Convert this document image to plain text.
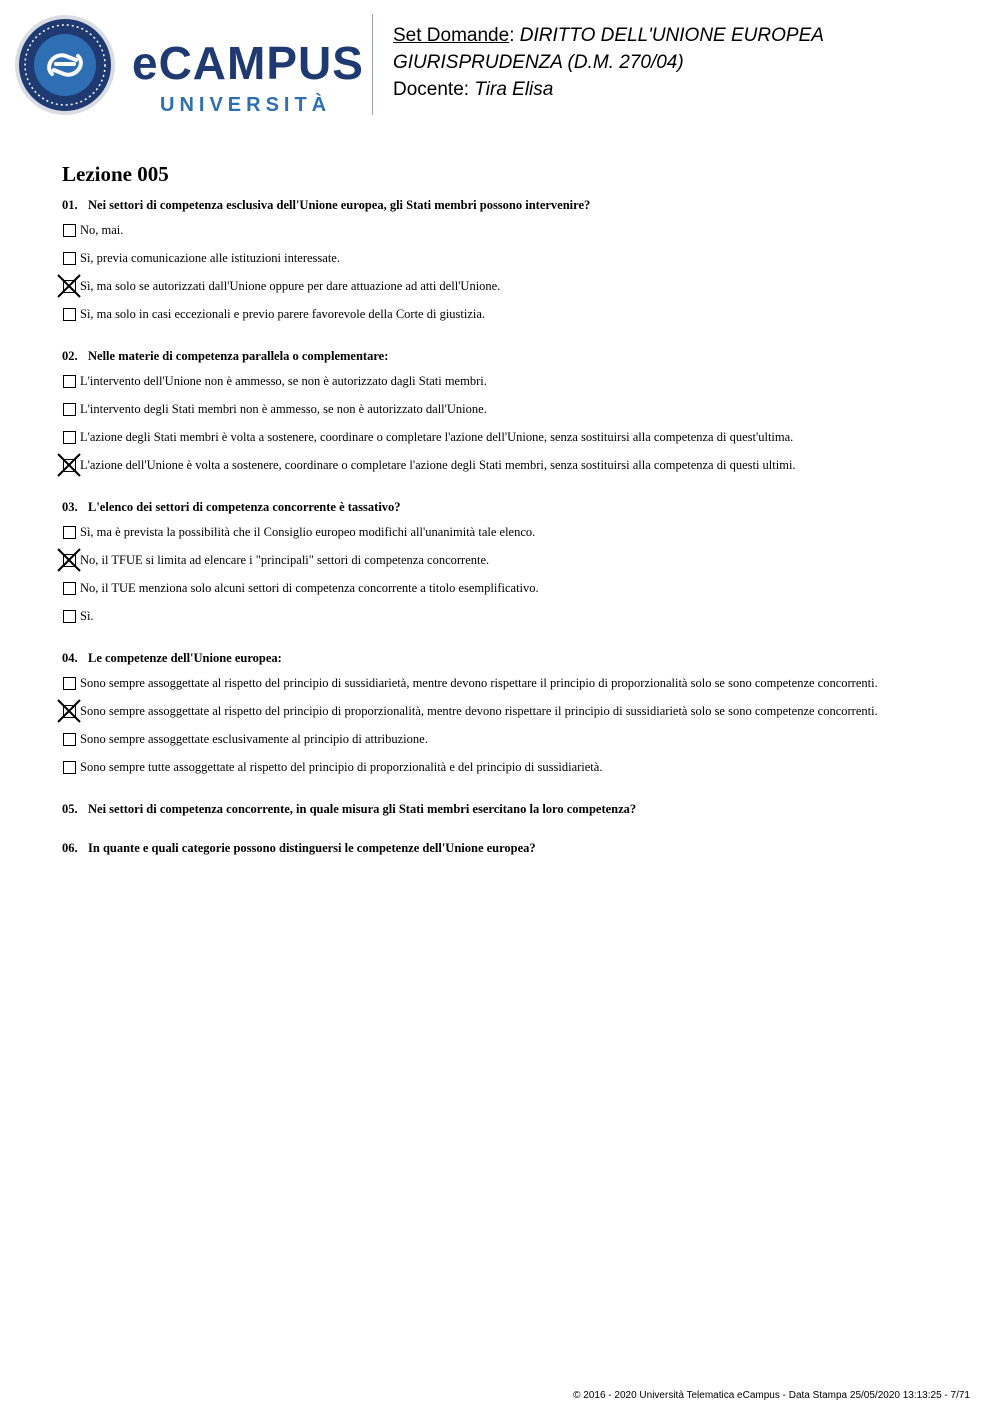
eCAMPUS
UNIVERSITÀ
Set Domande: DIRITTO DELL'UNIONE EUROPEA
GIURISPRUDENZA (D.M. 270/04)
Docente: Tira Elisa
Lezione 005
01. Nei settori di competenza esclusiva dell'Unione europea, gli Stati membri possono intervenire?
No, mai.
Sì, previa comunicazione alle istituzioni interessate.
Sì, ma solo se autorizzati dall'Unione oppure per dare attuazione ad atti dell'Unione.
Sì, ma solo in casi eccezionali e previo parere favorevole della Corte di giustizia.
02. Nelle materie di competenza parallela o complementare:
L'intervento dell'Unione non è ammesso, se non è autorizzato dagli Stati membri.
L'intervento degli Stati membri non è ammesso, se non è autorizzato dall'Unione.
L'azione degli Stati membri è volta a sostenere, coordinare o completare l'azione dell'Unione, senza sostituirsi alla competenza di quest'ultima.
L'azione dell'Unione è volta a sostenere, coordinare o completare l'azione degli Stati membri, senza sostituirsi alla competenza di questi ultimi.
03. L'elenco dei settori di competenza concorrente è tassativo?
Sì, ma è prevista la possibilità che il Consiglio europeo modifichi all'unanimità tale elenco.
No, il TFUE si limita ad elencare i "principali" settori di competenza concorrente.
No, il TUE menziona solo alcuni settori di competenza concorrente a titolo esemplificativo.
Sì.
04. Le competenze dell'Unione europea:
Sono sempre assoggettate al rispetto del principio di sussidiarietà, mentre devono rispettare il principio di proporzionalità solo se sono competenze concorrenti.
Sono sempre assoggettate al rispetto del principio di proporzionalità, mentre devono rispettare il principio di sussidiarietà solo se sono competenze concorrenti.
Sono sempre assoggettate esclusivamente al principio di attribuzione.
Sono sempre tutte assoggettate al rispetto del principio di proporzionalità e del principio di sussidiarietà.
05. Nei settori di competenza concorrente, in quale misura gli Stati membri esercitano la loro competenza?
06. In quante e quali categorie possono distinguersi le competenze dell'Unione europea?
© 2016 - 2020 Università Telematica eCampus - Data Stampa 25/05/2020 13:13:25 - 7/71
